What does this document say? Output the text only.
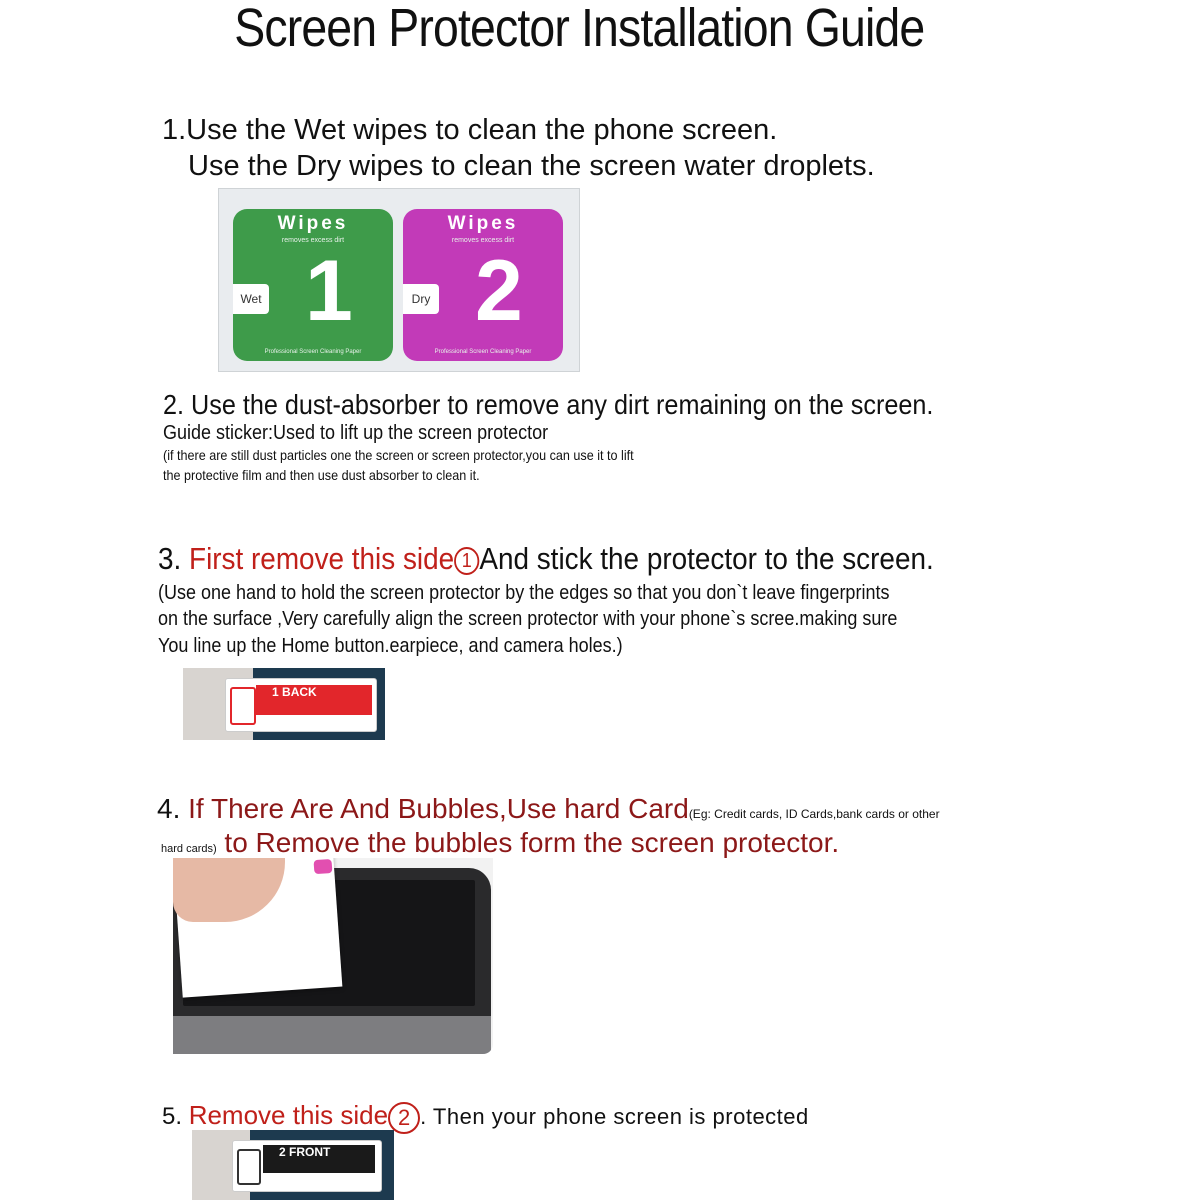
Screen Protector Installation Guide
1.Use the Wet wipes to clean the phone screen.
Use the Dry wipes to clean the screen water droplets.
Wipes
removes excess dirt
Wet 1
Professional Screen Cleaning Paper
Wipes
removes excess dirt
Dry 2
Professional Screen Cleaning Paper
2. Use the dust-absorber to remove any dirt remaining on the screen.
Guide sticker:Used to lift up the screen protector
(if there are still dust particles one the screen or screen protector,you can use it to lift
the protective film and then use dust absorber to clean it.
3. First remove this side 1 And stick the protector to the screen.
(Use one hand to hold the screen protector by the edges so that you don`t leave fingerprints
on the surface ,Very carefully align the screen protector with your phone`s scree.making sure
You line up the Home button.earpiece, and camera holes.)
1 BACK
4. If There Are And Bubbles,Use hard Card(Eg: Credit cards, ID Cards,bank cards or other
hard cards) to Remove the bubbles form the screen protector.
5. Remove this side 2 . Then your phone screen is protected
2 FRONT
